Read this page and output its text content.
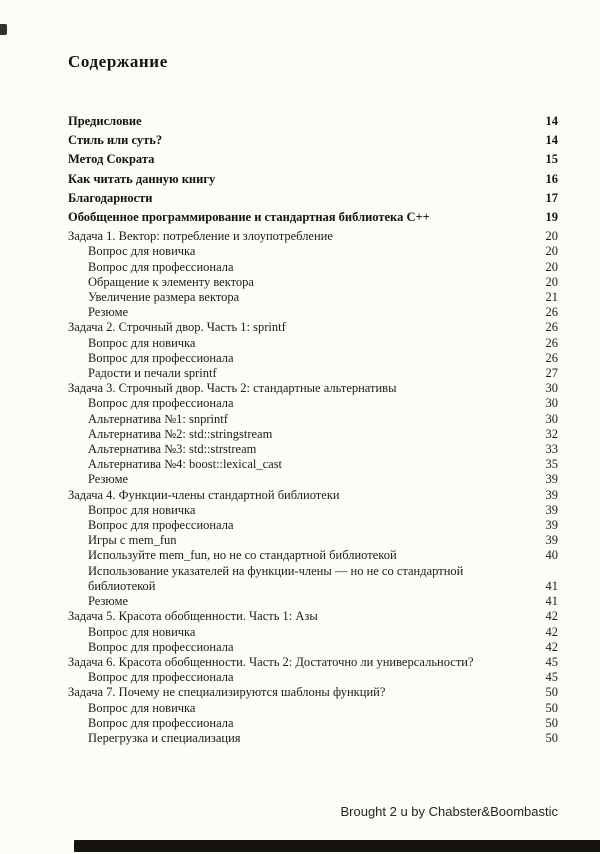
Содержание
Предисловие	14
Стиль или суть?	14
Метод Сократа	15
Как читать данную книгу	16
Благодарности	17
Обобщенное программирование и стандартная библиотека C++	19
Задача 1. Вектор: потребление и злоупотребление	20
Вопрос для новичка	20
Вопрос для профессионала	20
Обращение к элементу вектора	20
Увеличение размера вектора	21
Резюме	26
Задача 2. Строчный двор. Часть 1: sprintf	26
Вопрос для новичка	26
Вопрос для профессионала	26
Радости и печали sprintf	27
Задача 3. Строчный двор. Часть 2: стандартные альтернативы	30
Вопрос для профессионала	30
Альтернатива №1: snprintf	30
Альтернатива №2: std::stringstream	32
Альтернатива №3: std::strstream	33
Альтернатива №4: boost::lexical_cast	35
Резюме	39
Задача 4. Функции-члены стандартной библиотеки	39
Вопрос для новичка	39
Вопрос для профессионала	39
Игры с mem_fun	39
Используйте mem_fun, но не со стандартной библиотекой	40
Использование указателей на функции-члены — но не со стандартной библиотекой	41
Резюме	41
Задача 5. Красота обобщенности. Часть 1: Азы	42
Вопрос для новичка	42
Вопрос для профессионала	42
Задача 6. Красота обобщенности. Часть 2: Достаточно ли универсальности?	45
Вопрос для профессионала	45
Задача 7. Почему не специализируются шаблоны функций?	50
Вопрос для новичка	50
Вопрос для профессионала	50
Перегрузка и специализация	50
Brought 2 u by Chabster&Boombastic
